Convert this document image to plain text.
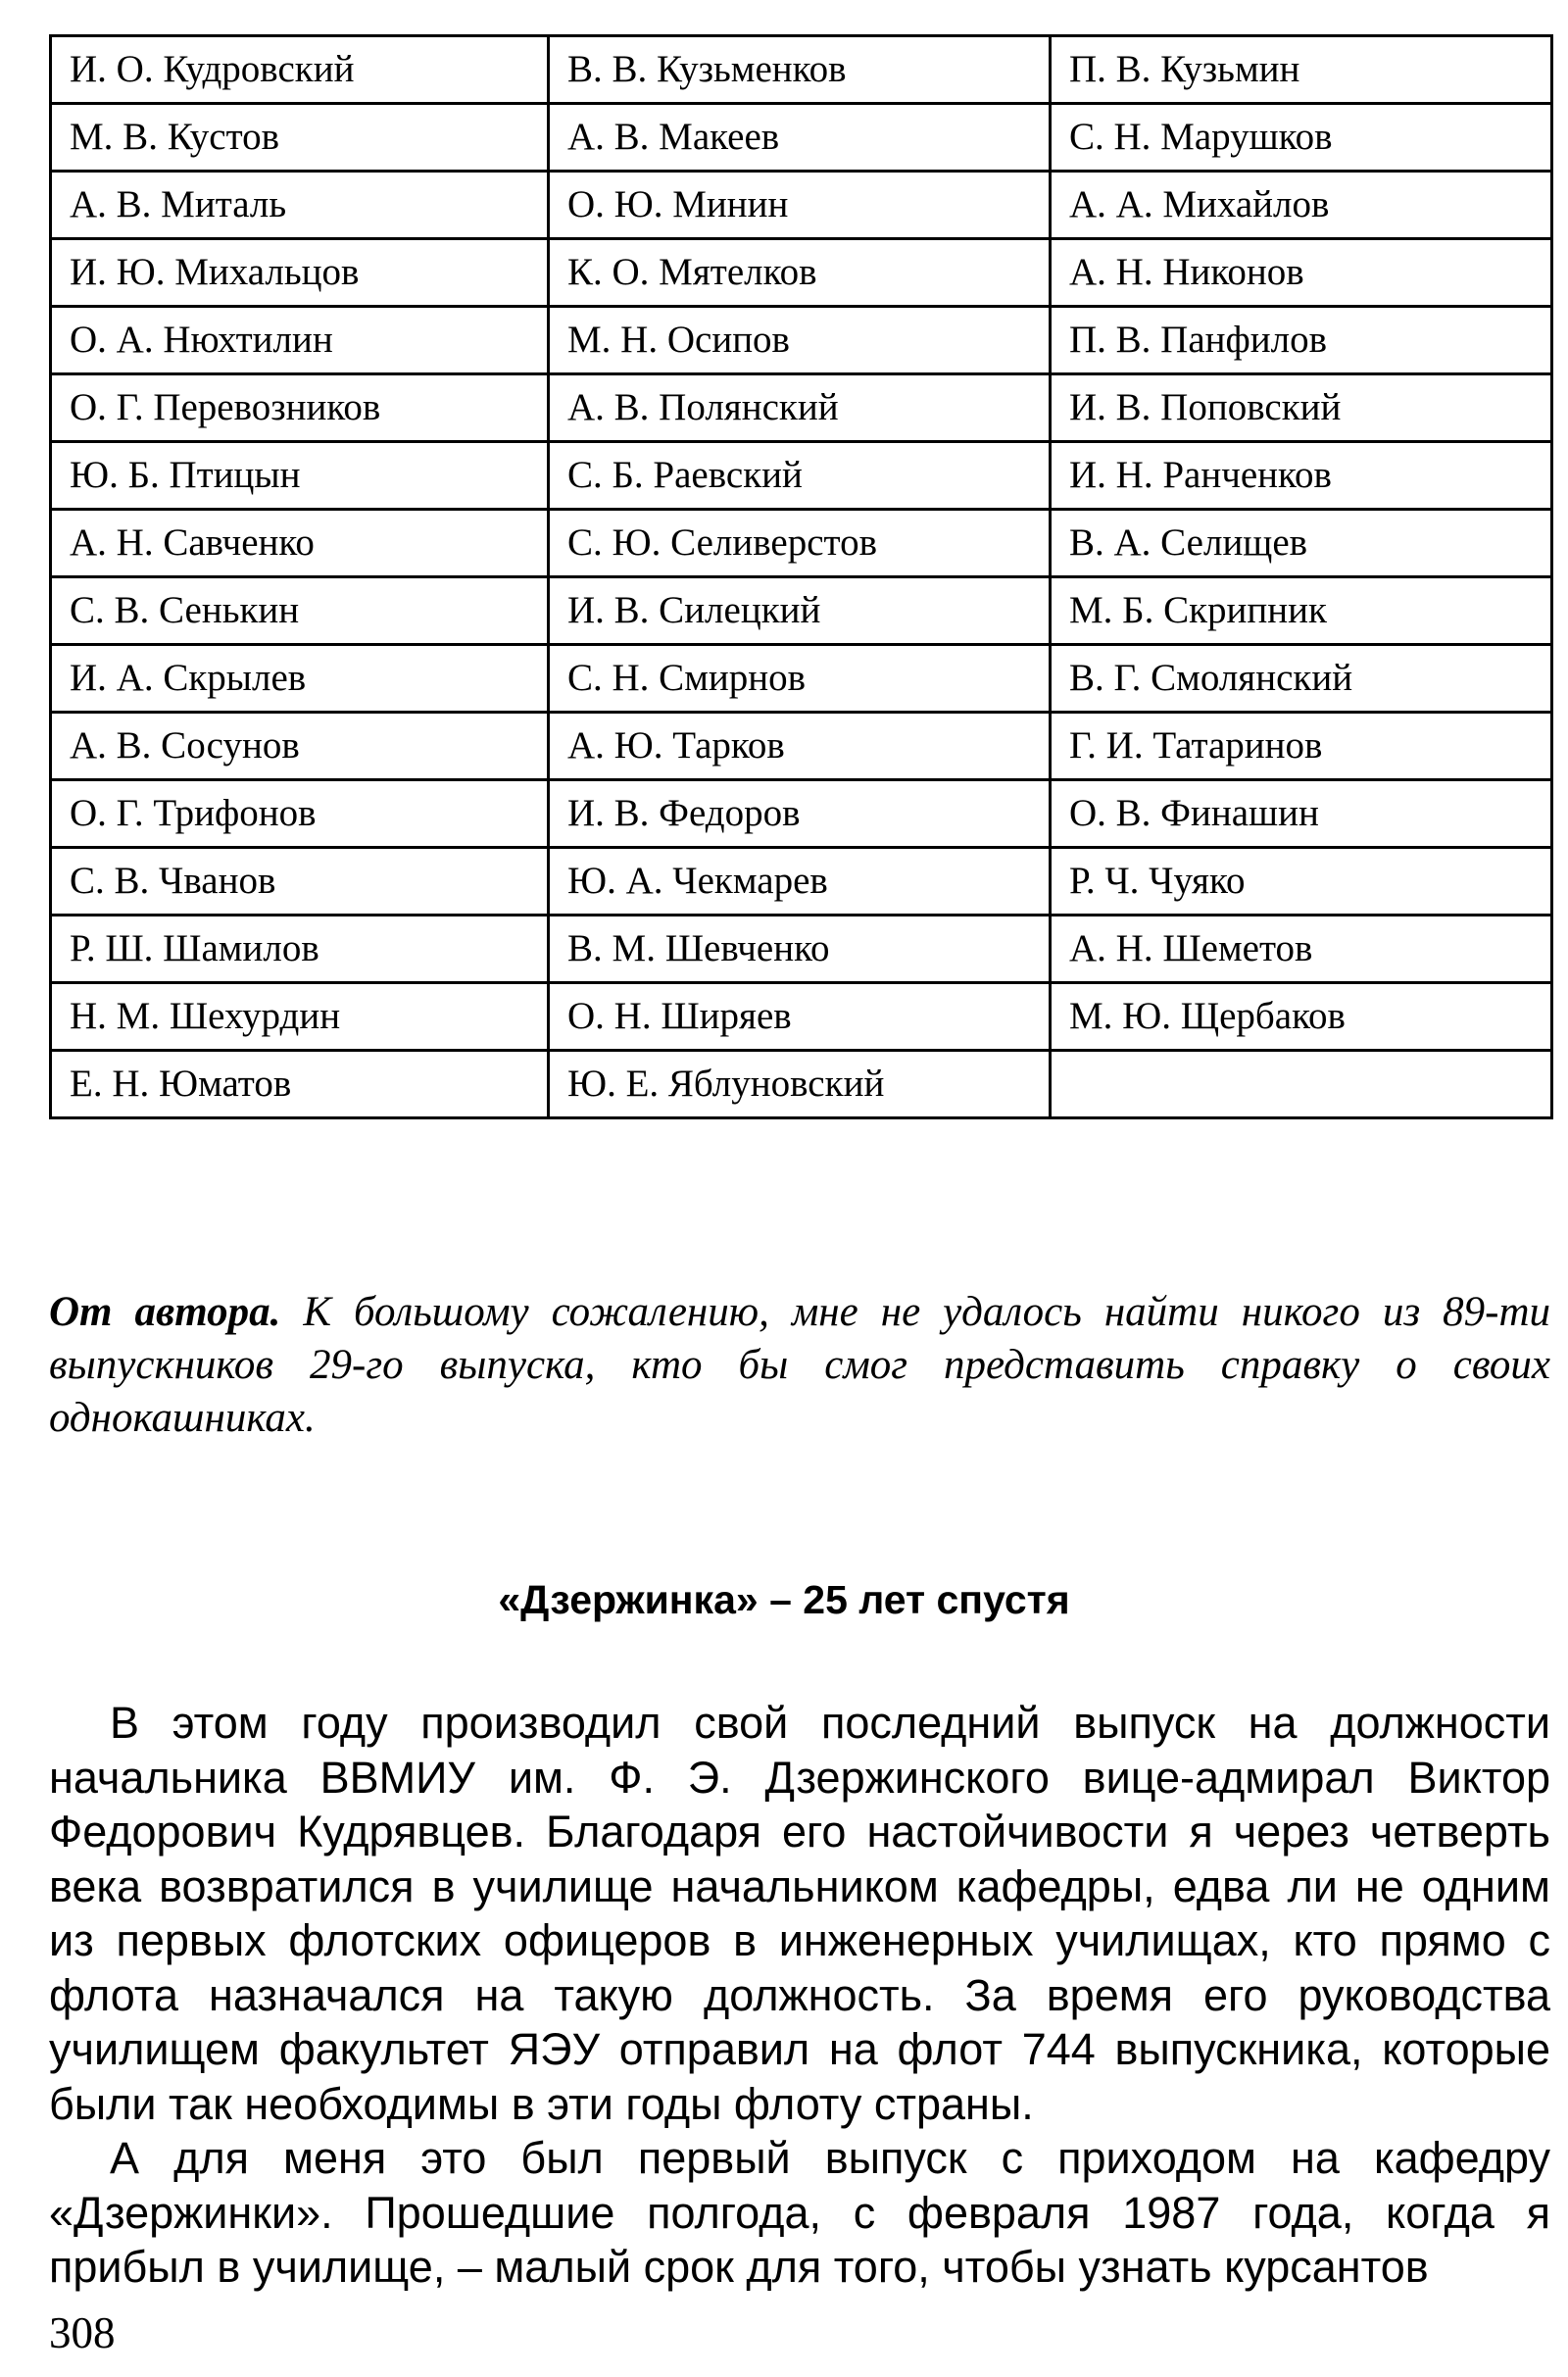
И. О. Кудровский	В. В. Кузьменков	П. В. Кузьмин
М. В. Кустов	А. В. Макеев	С. Н. Марушков
А. В. Миталь	О. Ю. Минин	А. А. Михайлов
И. Ю. Михальцов	К. О. Мятелков	А. Н. Никонов
О. А. Нюхтилин	М. Н. Осипов	П. В. Панфилов
О. Г. Перевозников	А. В. Полянский	И. В. Поповский
Ю. Б. Птицын	С. Б. Раевский	И. Н. Ранченков
А. Н. Савченко	С. Ю. Селиверстов	В. А. Селищев
С. В. Сенькин	И. В. Силецкий	М. Б. Скрипник
И. А. Скрылев	С. Н. Смирнов	В. Г. Смолянский
А. В. Сосунов	А. Ю. Тарков	Г. И. Татаринов
О. Г. Трифонов	И. В. Федоров	О. В. Финашин
С. В. Чванов	Ю. А. Чекмарев	Р. Ч. Чуяко
Р. Ш. Шамилов	В. М. Шевченко	А. Н. Шеметов
Н. М. Шехурдин	О. Н. Ширяев	М. Ю. Щербаков
Е. Н. Юматов	Ю. Е. Яблуновский	
От автора. К большому сожалению, мне не удалось найти никого из 89-ти выпускников 29-го выпуска, кто бы смог представить справку о своих однокашниках.
«Дзержинка» – 25 лет спустя

В этом году производил свой последний выпуск на должности начальника ВВМИУ им. Ф. Э. Дзержинского вице-адмирал Виктор Федорович Кудрявцев. Благодаря его настойчивости я через четверть века возвратился в училище начальником кафедры, едва ли не одним из первых флотских офицеров в инженерных училищах, кто прямо с флота назначался на такую должность. За время его руководства училищем факультет ЯЭУ отправил на флот 744 выпускника, которые были так необходимы в эти годы флоту страны.

А для меня это был первый выпуск с приходом на кафедру «Дзержинки». Прошедшие полгода, с февраля 1987 года, когда я прибыл в училище, – малый срок для того, чтобы узнать курсантов

308
